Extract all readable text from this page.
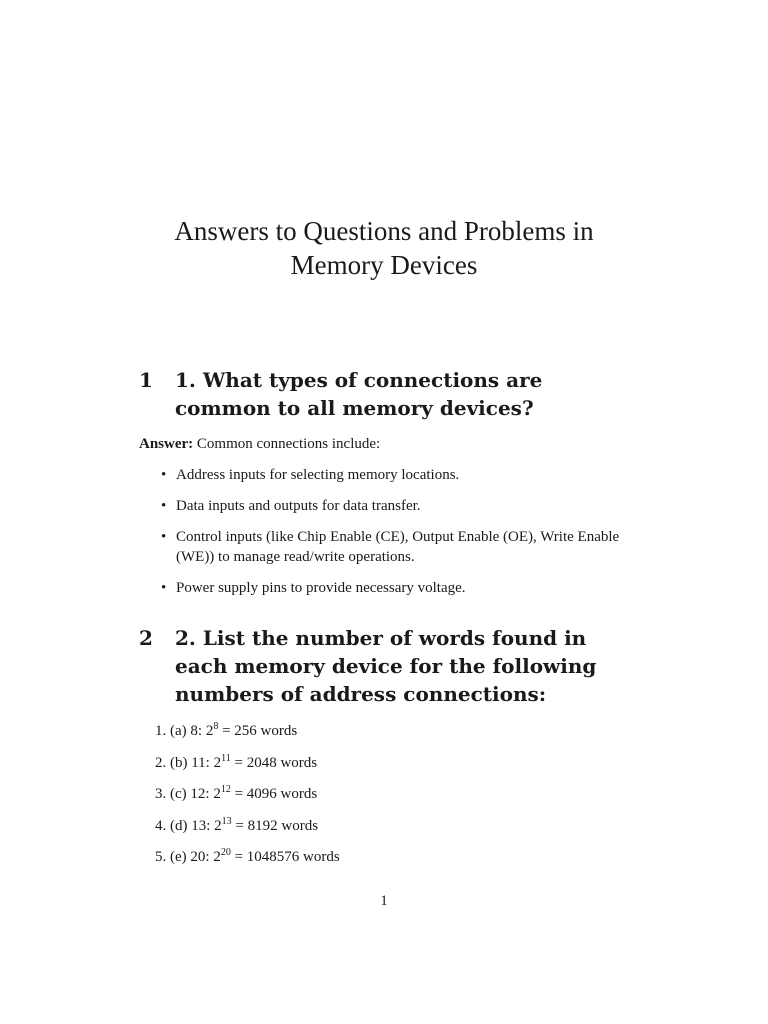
Answers to Questions and Problems in
Memory Devices
1 1. What types of connections are common to all memory devices?
Answer: Common connections include:
• Address inputs for selecting memory locations.
• Data inputs and outputs for data transfer.
• Control inputs (like Chip Enable (CE), Output Enable (OE), Write Enable (WE)) to manage read/write operations.
• Power supply pins to provide necessary voltage.
2 2. List the number of words found in each memory device for the following numbers of address connections:
1. (a) 8: $2^8 = 256$ words
2. (b) 11: $2^{11} = 2048$ words
3. (c) 12: $2^{12} = 4096$ words
4. (d) 13: $2^{13} = 8192$ words
5. (e) 20: $2^{20} = 1048576$ words
1
